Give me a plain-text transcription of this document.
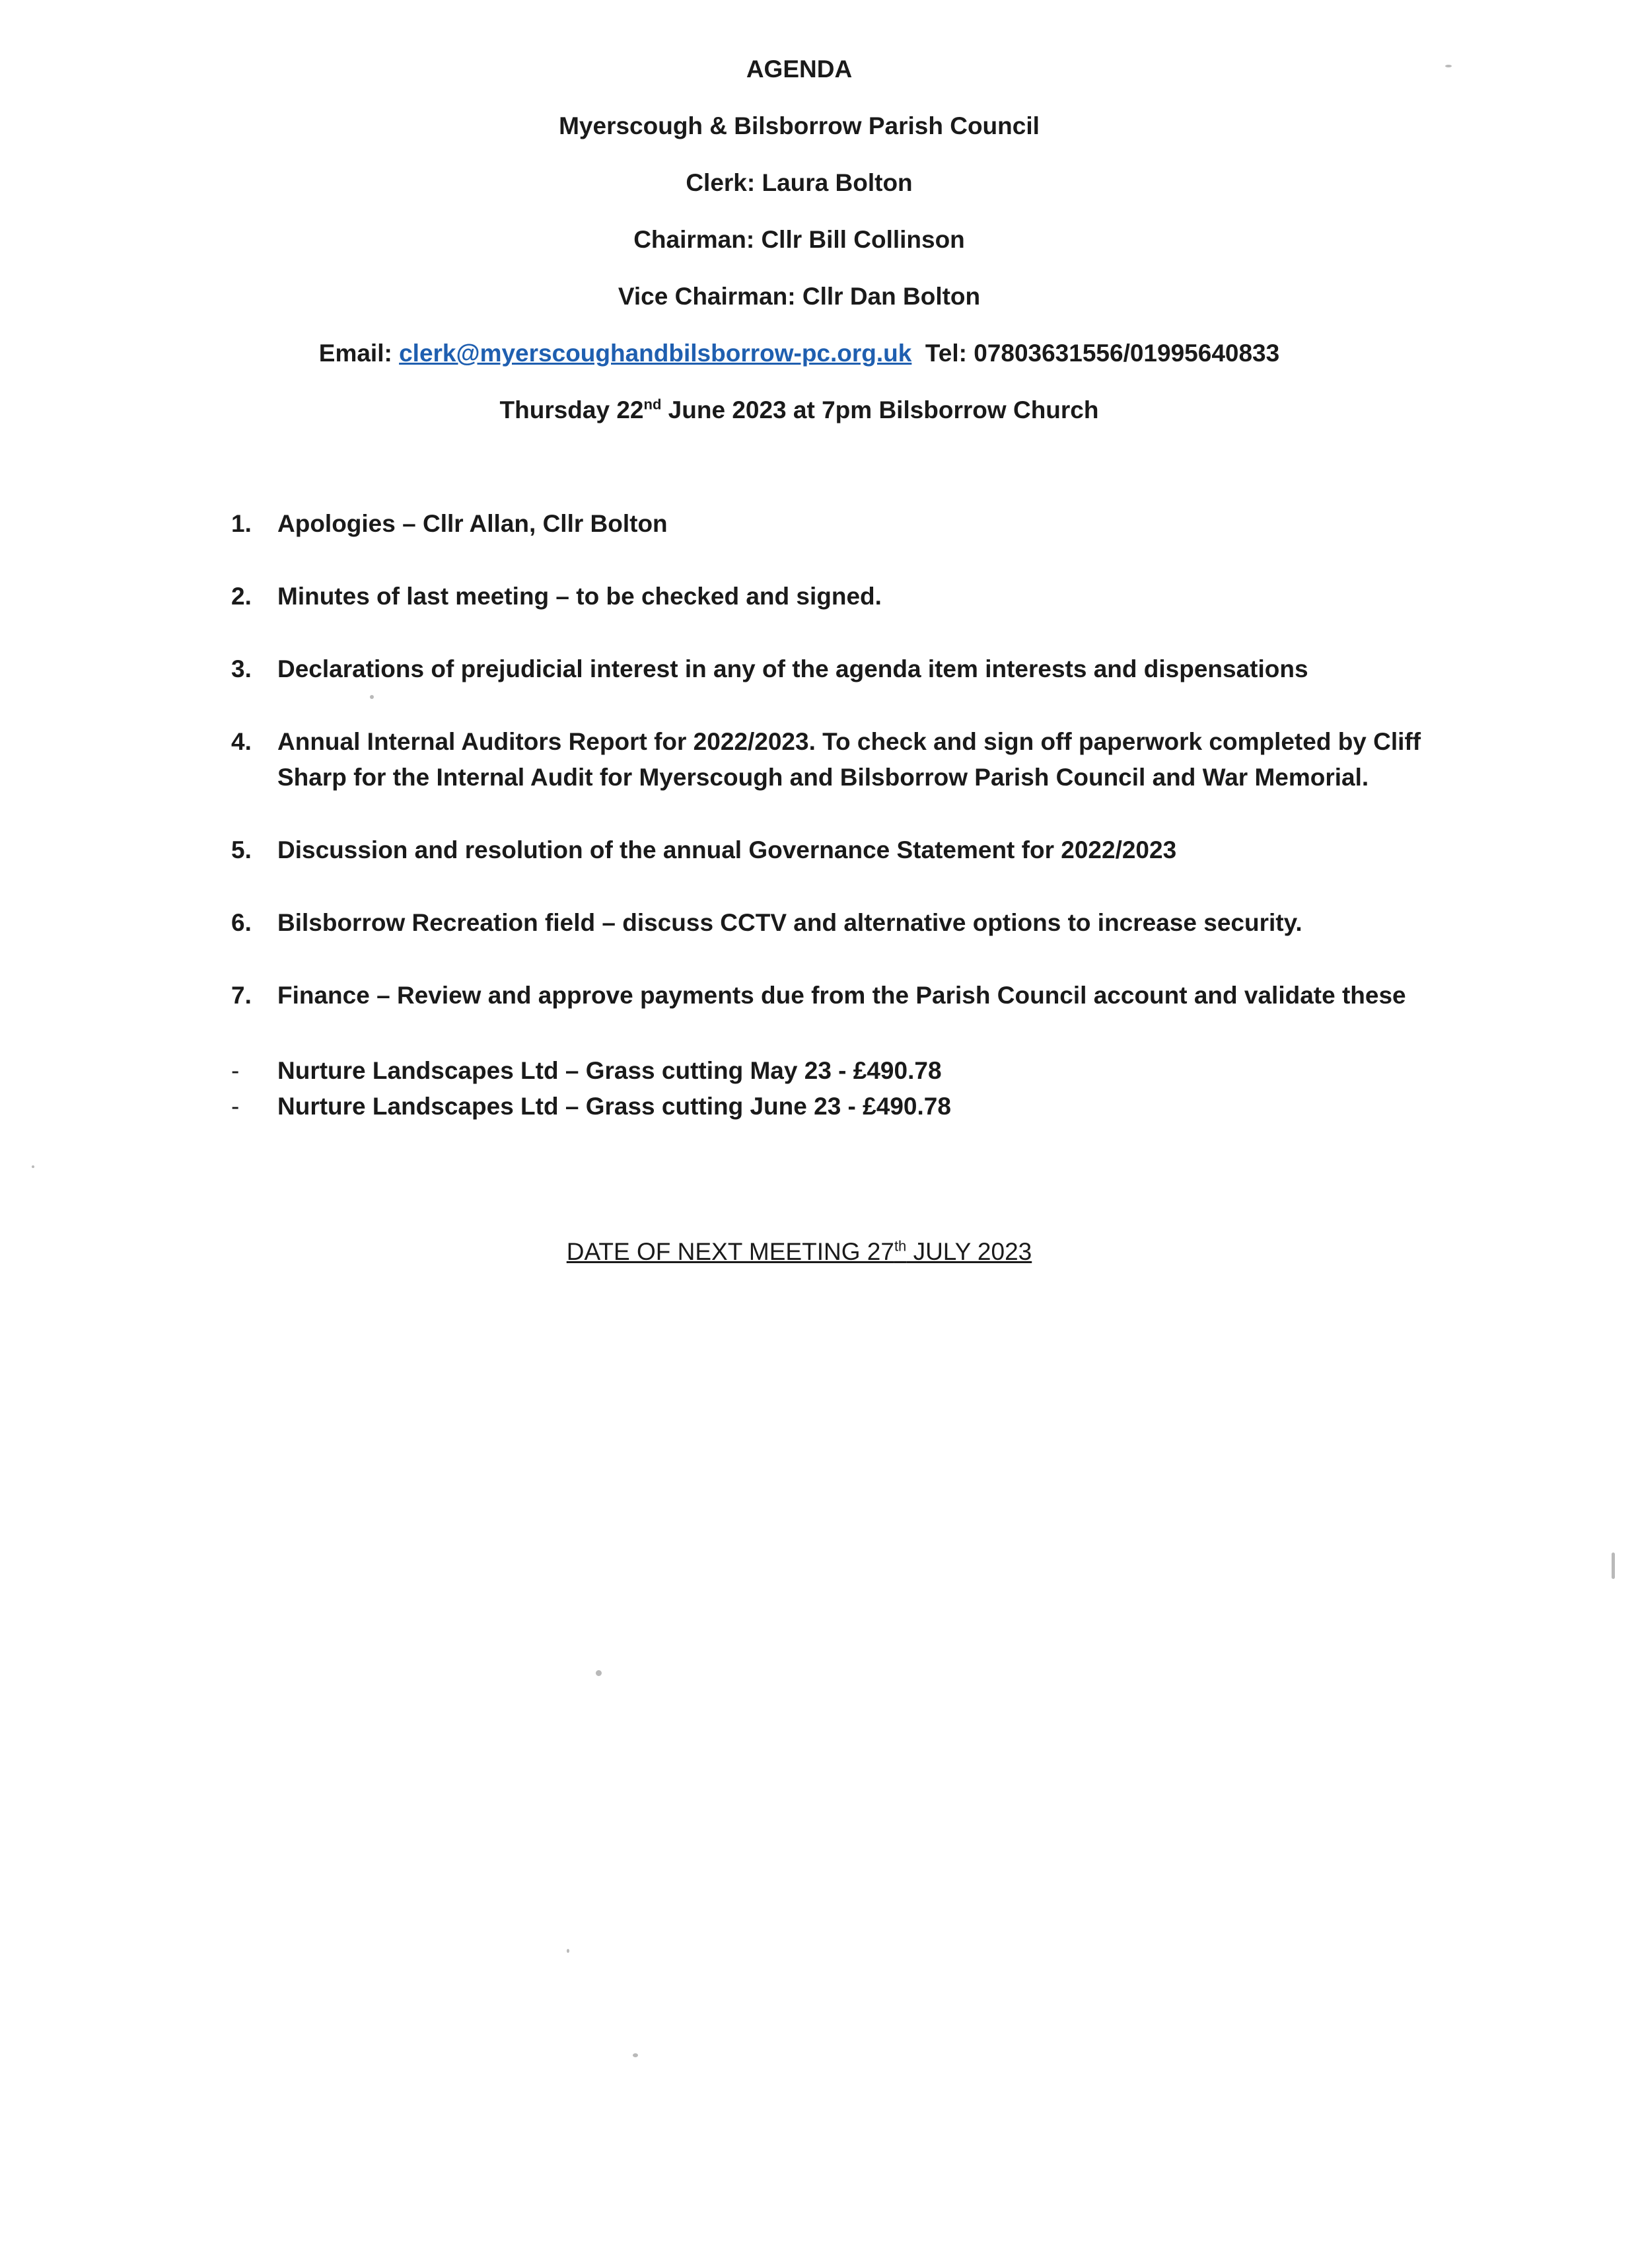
AGENDA
Myerscough & Bilsborrow Parish Council
Clerk: Laura Bolton
Chairman: Cllr Bill Collinson
Vice Chairman: Cllr Dan Bolton
Email: clerk@myerscoughandbilsborrow-pc.org.uk Tel: 07803631556/01995640833
Thursday 22nd June 2023 at 7pm Bilsborrow Church
1.	Apologies – Cllr Allan, Cllr Bolton
2.	Minutes of last meeting – to be checked and signed.
3.	Declarations of prejudicial interest in any of the agenda item interests and dispensations
4.	Annual Internal Auditors Report for 2022/2023. To check and sign off paperwork completed by Cliff Sharp for the Internal Audit for Myerscough and Bilsborrow Parish Council and War Memorial.
5.	Discussion and resolution of the annual Governance Statement for 2022/2023
6.	Bilsborrow Recreation field – discuss CCTV and alternative options to increase security.
7.	Finance – Review and approve payments due from the Parish Council account and validate these
-	Nurture Landscapes Ltd – Grass cutting May 23 - £490.78
-	Nurture Landscapes Ltd – Grass cutting June 23 - £490.78
DATE OF NEXT MEETING 27th JULY 2023
